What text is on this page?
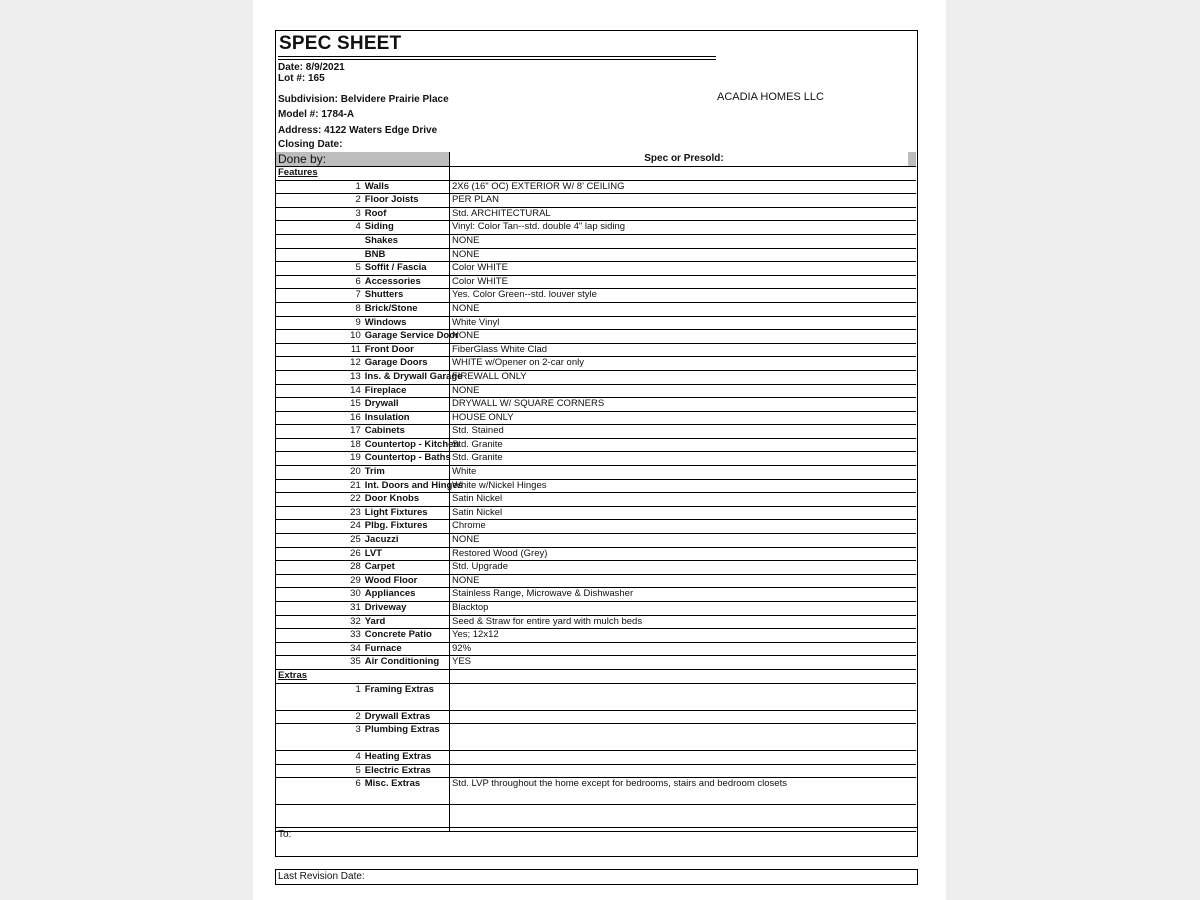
SPEC SHEET
Date: 8/9/2021
Lot #: 165
Subdivision: Belvidere Prairie Place
Model #: 1784-A
Address: 4122 Waters Edge Drive
Closing Date:
ACADIA HOMES LLC
Done by:		Spec or Presold:

Features		
1	Walls	2X6 (16" OC) EXTERIOR W/ 8' CEILING
2	Floor Joists	PER PLAN
3	Roof	Std. ARCHITECTURAL
4	Siding	Vinyl: Color Tan--std. double 4" lap siding
	Shakes	NONE
	BNB	NONE
5	Soffit / Fascia	Color WHITE
6	Accessories	Color WHITE
7	Shutters	Yes. Color Green--std. louver style
8	Brick/Stone	NONE
9	Windows	White Vinyl
10	Garage Service Door	NONE
11	Front Door	FiberGlass White Clad
12	Garage Doors	WHITE w/Opener on 2-car only
13	Ins. & Drywall Garage	FIREWALL ONLY
14	Fireplace	NONE
15	Drywall	DRYWALL W/ SQUARE CORNERS
16	Insulation	HOUSE ONLY
17	Cabinets	Std. Stained
18	Countertop - Kitchen	Std. Granite
19	Countertop - Baths	Std. Granite
20	Trim	White
21	Int. Doors and Hinges	White w/Nickel Hinges
22	Door Knobs	Satin Nickel
23	Light Fixtures	Satin Nickel
24	Plbg. Fixtures	Chrome
25	Jacuzzi	NONE
26	LVT	Restored Wood (Grey)
28	Carpet	Std. Upgrade
29	Wood Floor	NONE
30	Appliances	Stainless Range, Microwave & Dishwasher
31	Driveway	Blacktop
32	Yard	Seed & Straw for entire yard with mulch beds
33	Concrete Patio	Yes; 12x12
34	Furnace	92%
35	Air Conditioning	YES
Extras		
1	Framing Extras	
2	Drywall Extras	
3	Plumbing Extras	
4	Heating Extras	
5	Electric Extras	
6	Misc. Extras	Std. LVP throughout the home except for bedrooms, stairs and bedroom closets

To:
Last Revision Date:
